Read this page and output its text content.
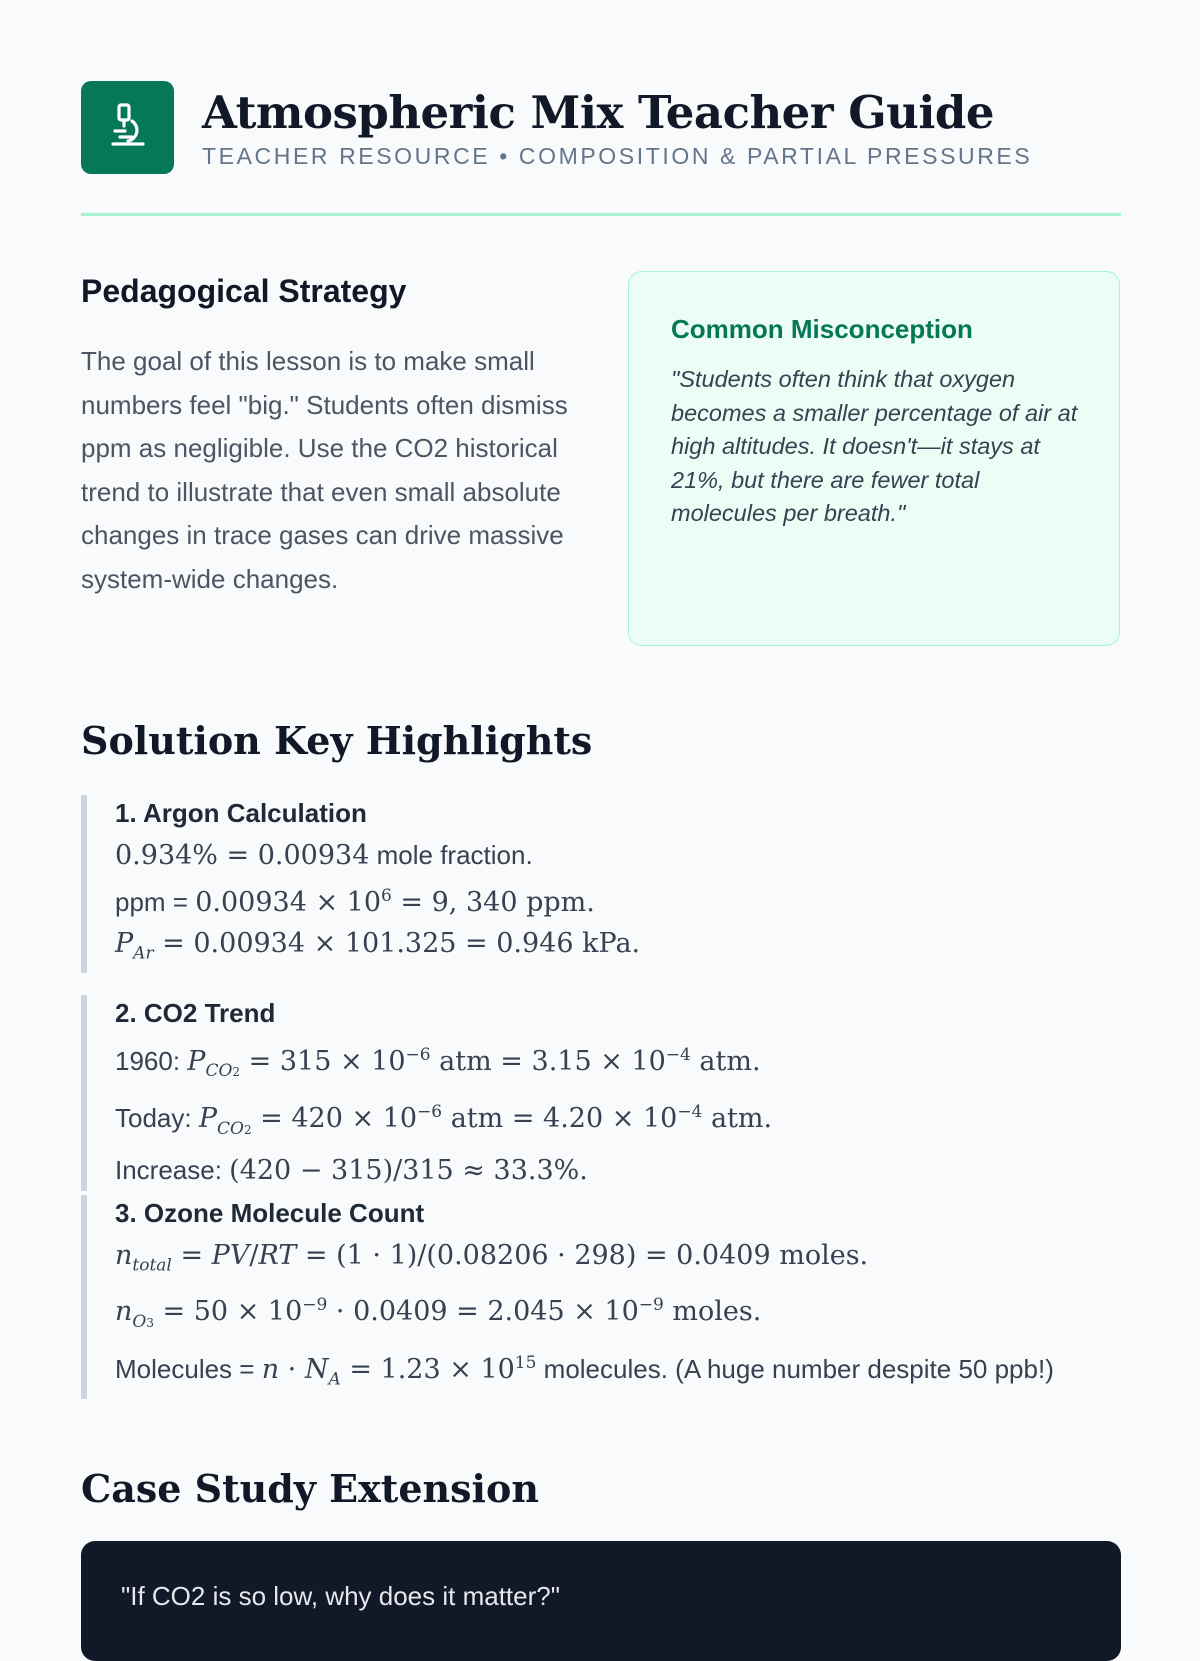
Atmospheric Mix Teacher Guide
TEACHER RESOURCE • COMPOSITION & PARTIAL PRESSURES
Pedagogical Strategy

The goal of this lesson is to make small numbers feel "big." Students often dismiss ppm as negligible. Use the CO2 historical trend to illustrate that even small absolute changes in trace gases can drive massive system-wide changes.

Common Misconception

"Students often think that oxygen becomes a smaller percentage of air at high altitudes. It doesn't—it stays at 21%, but there are fewer total molecules per breath."

Solution Key Highlights
1. Argon Calculation
0.934% = 0.00934 mole fraction.
ppm = $0.00934 \times 10^6 = 9$, 340 ppm.
$P_{Ar} = 0.00934 \times 101.325 = 0.946$ kPa.
2. CO2 Trend
1960: $P_{CO2} = 315 \times 10^{-6}$ atm = $3.15 \times 10^{-4}$ atm.
Today: $P_{CO2} = 420 \times 10^{-6}$ atm = $4.20 \times 10^{-4}$ atm.
Increase: (420 − 315)/315 ≈ 33.3%.
3. Ozone Molecule Count
$n_{total} = PV/RT = (1 \cdot 1)/(0.08206 \cdot 298) = 0.0409$ moles.
$n_{O3} = 50 \times 10^{-9} \cdot 0.0409 = 2.045 \times 10^{-9}$ moles.
Molecules = $n \cdot N_A = 1.23 \times 10^{15}$ molecules. (A huge number despite 50 ppb!)
Case Study Extension

"If CO2 is so low, why does it matter?"
